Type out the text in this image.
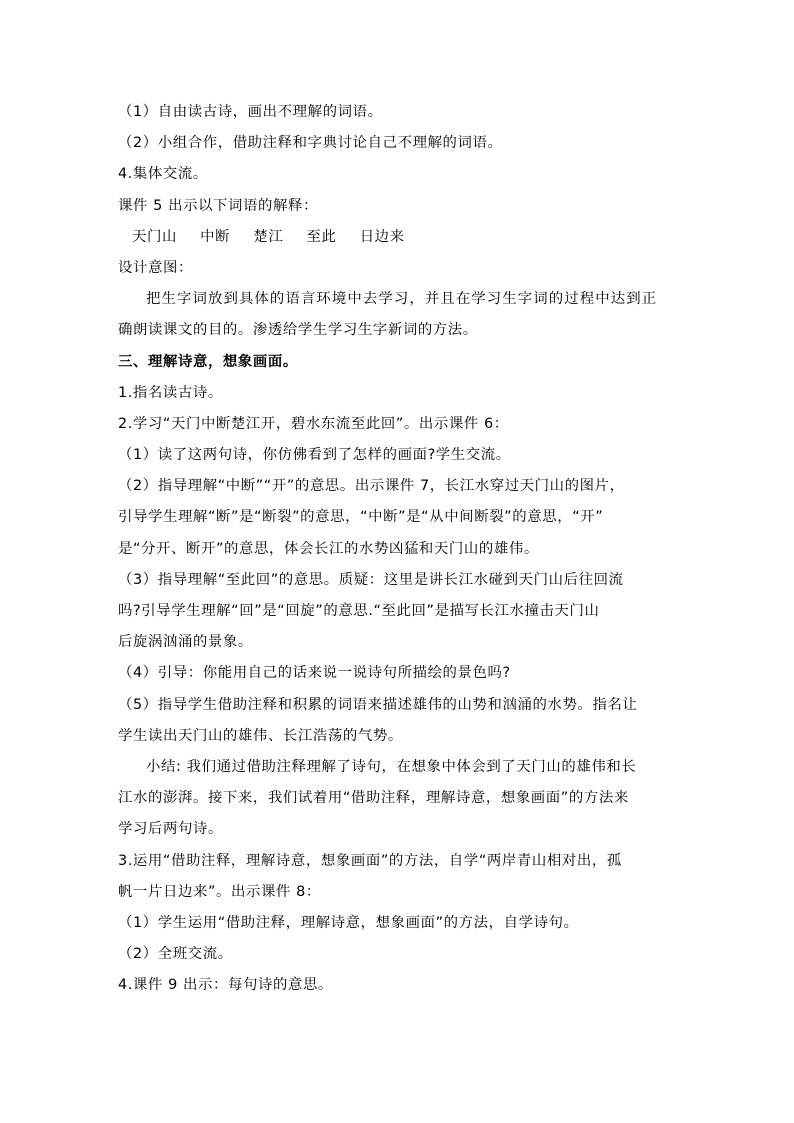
（1）自由读古诗，画出不理解的词语。
（2）小组合作，借助注释和字典讨论自己不理解的词语。
4.集体交流。
课件 5 出示以下词语的解释：
天门山 中断 楚江 至此 日边来
设计意图：
把生字词放到具体的语言环境中去学习，并且在学习生字词的过程中达到正
确朗读课文的目的。渗透给学生学习生字新词的方法。
三、理解诗意，想象画面。
1.指名读古诗。
2.学习“天门中断楚江开，碧水东流至此回”。出示课件 6：
（1）读了这两句诗，你仿佛看到了怎样的画面?学生交流。
（2）指导理解“中断”“开”的意思。出示课件 7，长江水穿过天门山的图片，
引导学生理解“断”是“断裂”的意思，“中断”是“从中间断裂”的意思，“开”
是“分开、断开”的意思，体会长江的水势凶猛和天门山的雄伟。
（3）指导理解“至此回”的意思。质疑：这里是讲长江水碰到天门山后往回流
吗?引导学生理解“回”是“回旋”的意思.“至此回”是描写长江水撞击天门山
后旋涡汹涌的景象。
（4）引导：你能用自己的话来说一说诗句所描绘的景色吗?
（5）指导学生借助注释和积累的词语来描述雄伟的山势和汹涌的水势。指名让
学生读出天门山的雄伟、长江浩荡的气势。
小结: 我们通过借助注释理解了诗句，在想象中体会到了天门山的雄伟和长
江水的澎湃。接下来，我们试着用“借助注释，理解诗意，想象画面”的方法来
学习后两句诗。
3.运用“借助注释，理解诗意，想象画面”的方法，自学“两岸青山相对出，孤
帆一片日边来”。出示课件 8：
（1）学生运用“借助注释，理解诗意，想象画面”的方法，自学诗句。
（2）全班交流。
4.课件 9 出示：每句诗的意思。
